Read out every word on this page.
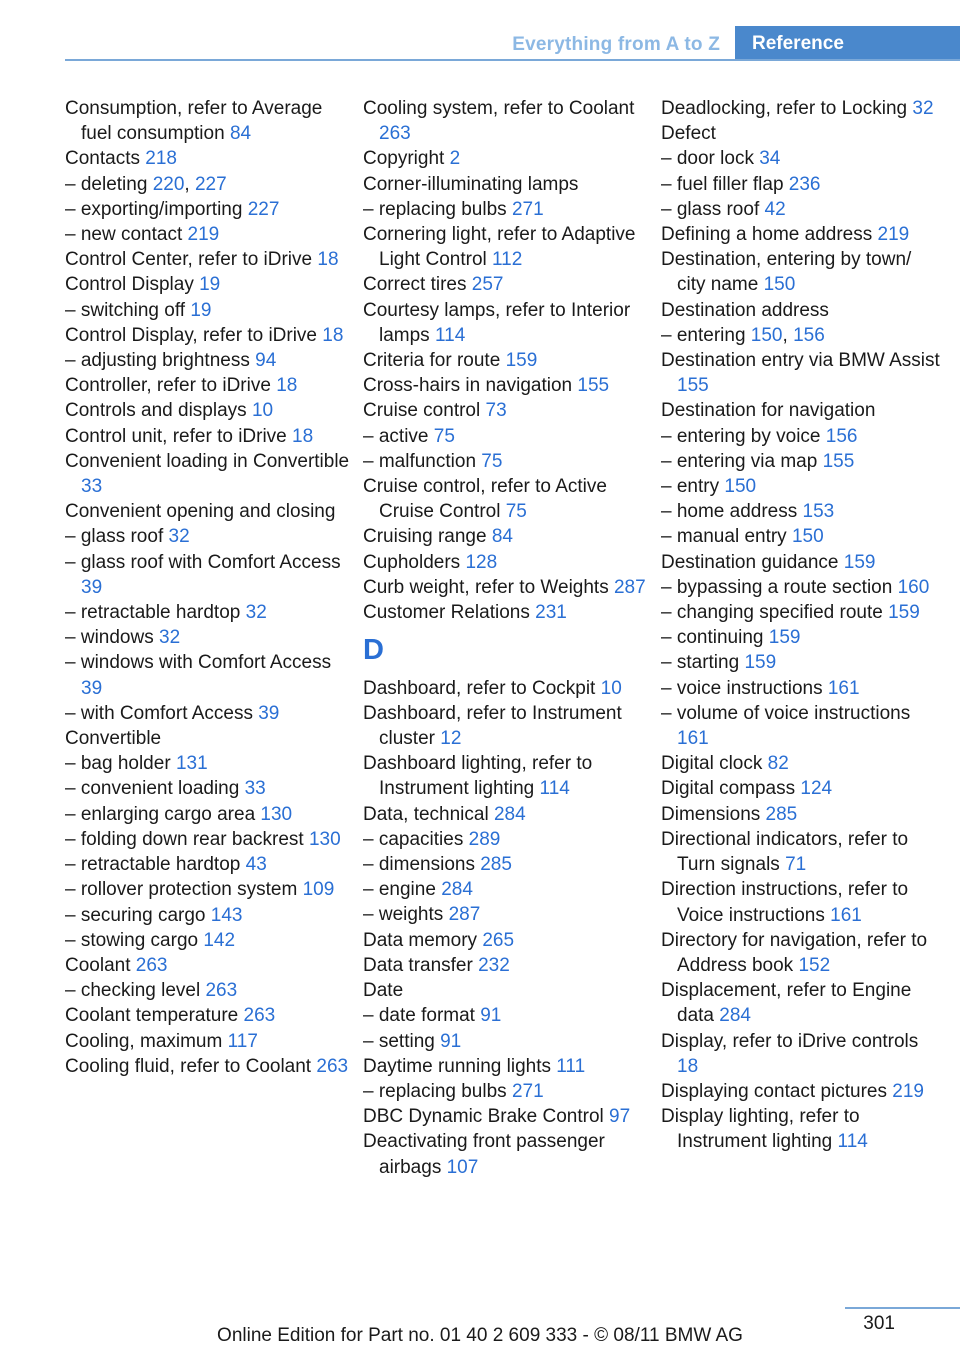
Everything from A to Z	Reference
Consumption, refer to Average fuel consumption 84
Contacts 218
– deleting 220, 227
– exporting/importing 227
– new contact 219
Control Center, refer to iDrive 18
Control Display 19
– switching off 19
Control Display, refer to iDrive 18
– adjusting brightness 94
Controller, refer to iDrive 18
Controls and displays 10
Control unit, refer to iDrive 18
Convenient loading in Convertible 33
Convenient opening and closing
– glass roof 32
– glass roof with Comfort Access 39
– retractable hardtop 32
– windows 32
– windows with Comfort Access 39
– with Comfort Access 39
Convertible
– bag holder 131
– convenient loading 33
– enlarging cargo area 130
– folding down rear backrest 130
– retractable hardtop 43
– rollover protection system 109
– securing cargo 143
– stowing cargo 142
Coolant 263
– checking level 263
Coolant temperature 263
Cooling, maximum 117
Cooling fluid, refer to Coolant 263
Cooling system, refer to Coolant 263
Copyright 2
Corner-illuminating lamps
– replacing bulbs 271
Cornering light, refer to Adaptive Light Control 112
Correct tires 257
Courtesy lamps, refer to Interior lamps 114
Criteria for route 159
Cross-hairs in navigation 155
Cruise control 73
– active 75
– malfunction 75
Cruise control, refer to Active Cruise Control 75
Cruising range 84
Cupholders 128
Curb weight, refer to Weights 287
Customer Relations 231
D
Dashboard, refer to Cockpit 10
Dashboard, refer to Instrument cluster 12
Dashboard lighting, refer to Instrument lighting 114
Data, technical 284
– capacities 289
– dimensions 285
– engine 284
– weights 287
Data memory 265
Data transfer 232
Date
– date format 91
– setting 91
Daytime running lights 111
– replacing bulbs 271
DBC Dynamic Brake Control 97
Deactivating front passenger airbags 107
Deadlocking, refer to Locking 32
Defect
– door lock 34
– fuel filler flap 236
– glass roof 42
Defining a home address 219
Destination, entering by town/ city name 150
Destination address
– entering 150, 156
Destination entry via BMW Assist 155
Destination for navigation
– entering by voice 156
– entering via map 155
– entry 150
– home address 153
– manual entry 150
Destination guidance 159
– bypassing a route section 160
– changing specified route 159
– continuing 159
– starting 159
– voice instructions 161
– volume of voice instructions 161
Digital clock 82
Digital compass 124
Dimensions 285
Directional indicators, refer to Turn signals 71
Direction instructions, refer to Voice instructions 161
Directory for navigation, refer to Address book 152
Displacement, refer to Engine data 284
Display, refer to iDrive controls 18
Displaying contact pictures 219
Display lighting, refer to Instrument lighting 114
301
Online Edition for Part no. 01 40 2 609 333 - © 08/11 BMW AG
